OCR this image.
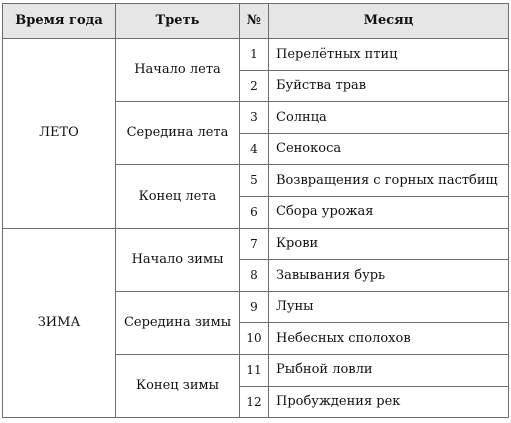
Время года	Треть	№	Месяц
ЛЕТО	Начало лета	1	Перелётных птиц
		2	Буйства трав
	Середина лета	3	Солнца
		4	Сенокоса
	Конец лета	5	Возвращения с горных пастбищ
		6	Сбора урожая
ЗИМА	Начало зимы	7	Крови
		8	Завывания бурь
	Середина зимы	9	Луны
		10	Небесных сполохов
	Конец зимы	11	Рыбной ловли
		12	Пробуждения рек
